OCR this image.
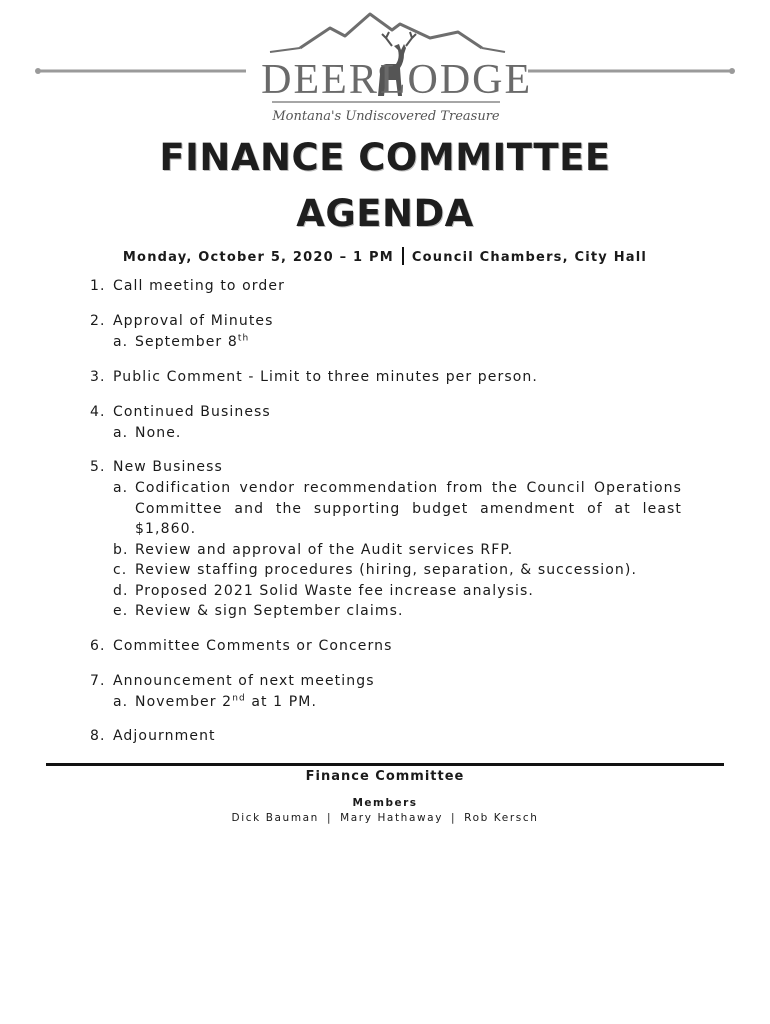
DEER LODGE
Montana's Undiscovered Treasure
FINANCE COMMITTEE
AGENDA
Monday, October 5, 2020 – 1 PM Council Chambers, City Hall
1. Call meeting to order
2. Approval of Minutes
a. September 8th
3. Public Comment - Limit to three minutes per person.
4. Continued Business
a. None.
5. New Business
a. Codification vendor recommendation from the Council Operations Committee and the supporting budget amendment of at least $1,860.
b. Review and approval of the Audit services RFP.
c. Review staffing procedures (hiring, separation, & succession).
d. Proposed 2021 Solid Waste fee increase analysis.
e. Review & sign September claims.
6. Committee Comments or Concerns
7. Announcement of next meetings
a. November 2nd at 1 PM.
8. Adjournment
Finance Committee
Members
Dick Bauman | Mary Hathaway | Rob Kersch
